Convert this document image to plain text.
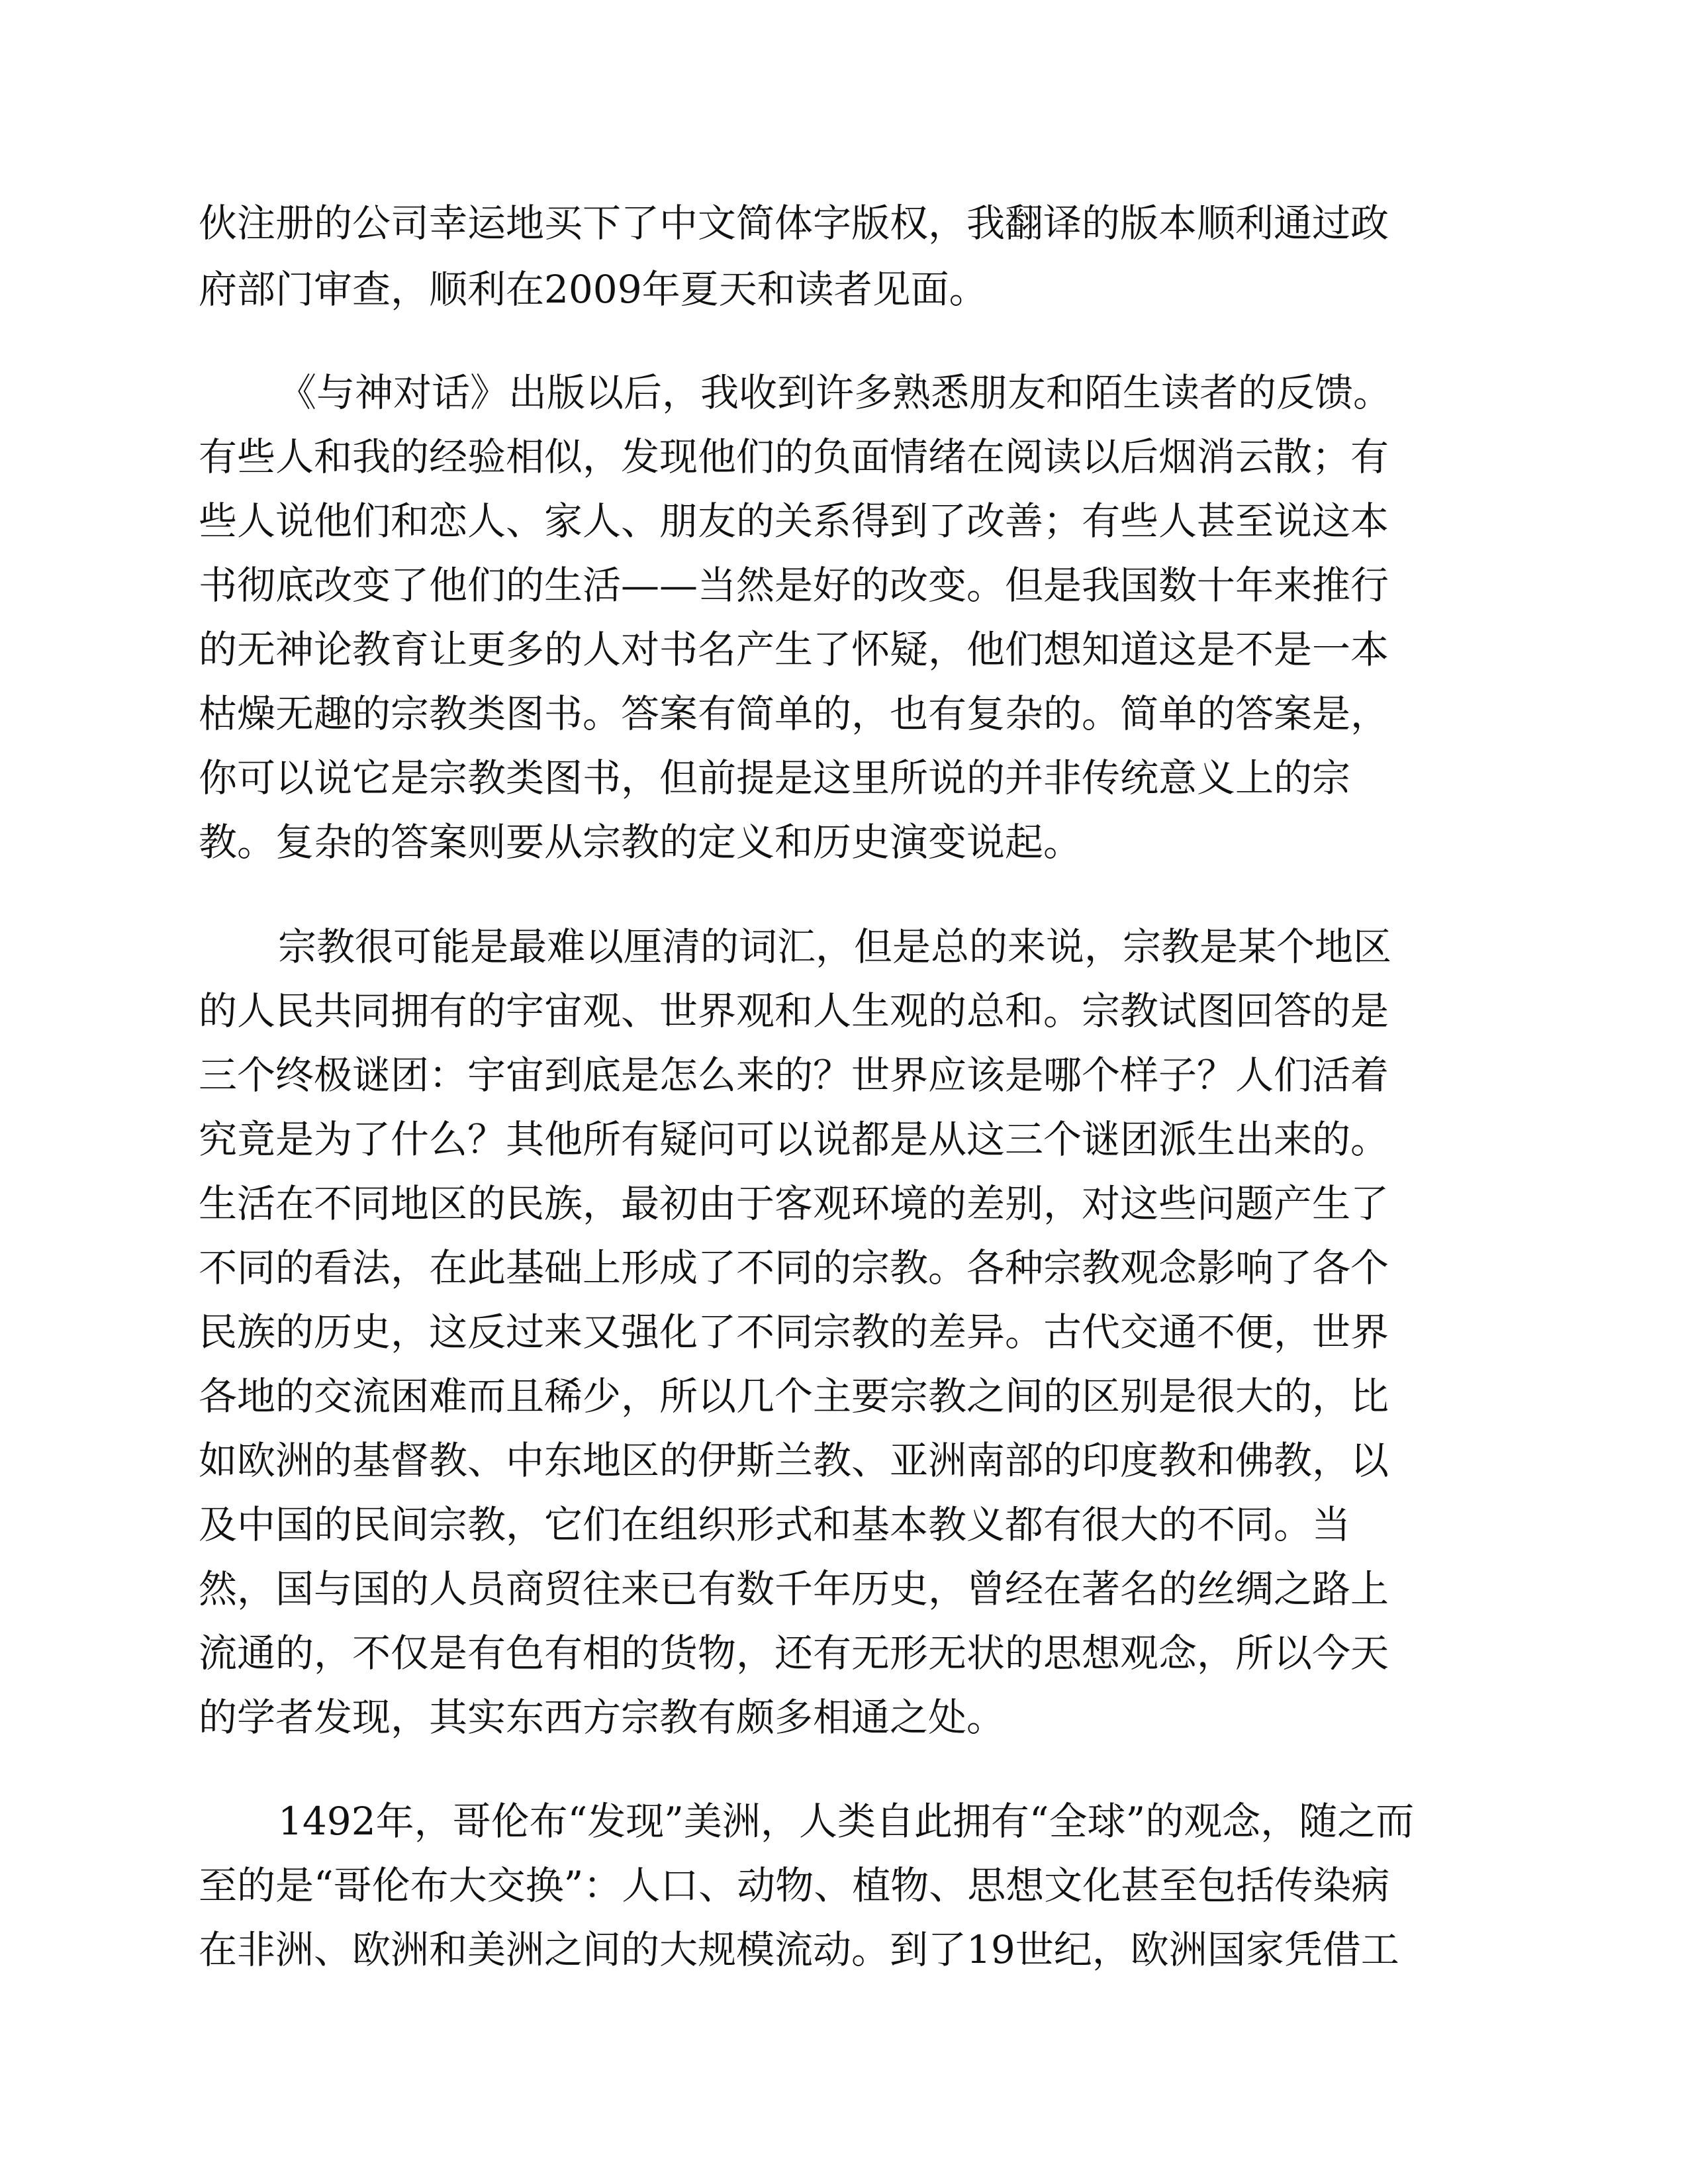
伙注册的公司幸运地买下了中文简体字版权，我翻译的版本顺利通过政
府部门审查，顺利在2009年夏天和读者见面。
《与神对话》出版以后，我收到许多熟悉朋友和陌生读者的反馈。
有些人和我的经验相似，发现他们的负面情绪在阅读以后烟消云散；有
些人说他们和恋人、家人、朋友的关系得到了改善；有些人甚至说这本
书彻底改变了他们的生活——当然是好的改变。但是我国数十年来推行
的无神论教育让更多的人对书名产生了怀疑，他们想知道这是不是一本
枯燥无趣的宗教类图书。答案有简单的，也有复杂的。简单的答案是，
你可以说它是宗教类图书，但前提是这里所说的并非传统意义上的宗
教。复杂的答案则要从宗教的定义和历史演变说起。
宗教很可能是最难以厘清的词汇，但是总的来说，宗教是某个地区
的人民共同拥有的宇宙观、世界观和人生观的总和。宗教试图回答的是
三个终极谜团：宇宙到底是怎么来的？世界应该是哪个样子？人们活着
究竟是为了什么？其他所有疑问可以说都是从这三个谜团派生出来的。
生活在不同地区的民族，最初由于客观环境的差别，对这些问题产生了
不同的看法，在此基础上形成了不同的宗教。各种宗教观念影响了各个
民族的历史，这反过来又强化了不同宗教的差异。古代交通不便，世界
各地的交流困难而且稀少，所以几个主要宗教之间的区别是很大的，比
如欧洲的基督教、中东地区的伊斯兰教、亚洲南部的印度教和佛教，以
及中国的民间宗教，它们在组织形式和基本教义都有很大的不同。当
然，国与国的人员商贸往来已有数千年历史，曾经在著名的丝绸之路上
流通的，不仅是有色有相的货物，还有无形无状的思想观念，所以今天
的学者发现，其实东西方宗教有颇多相通之处。
1492年，哥伦布“发现”美洲，人类自此拥有“全球”的观念，随之而
至的是“哥伦布大交换”：人口、动物、植物、思想文化甚至包括传染病
在非洲、欧洲和美洲之间的大规模流动。到了19世纪，欧洲国家凭借工
